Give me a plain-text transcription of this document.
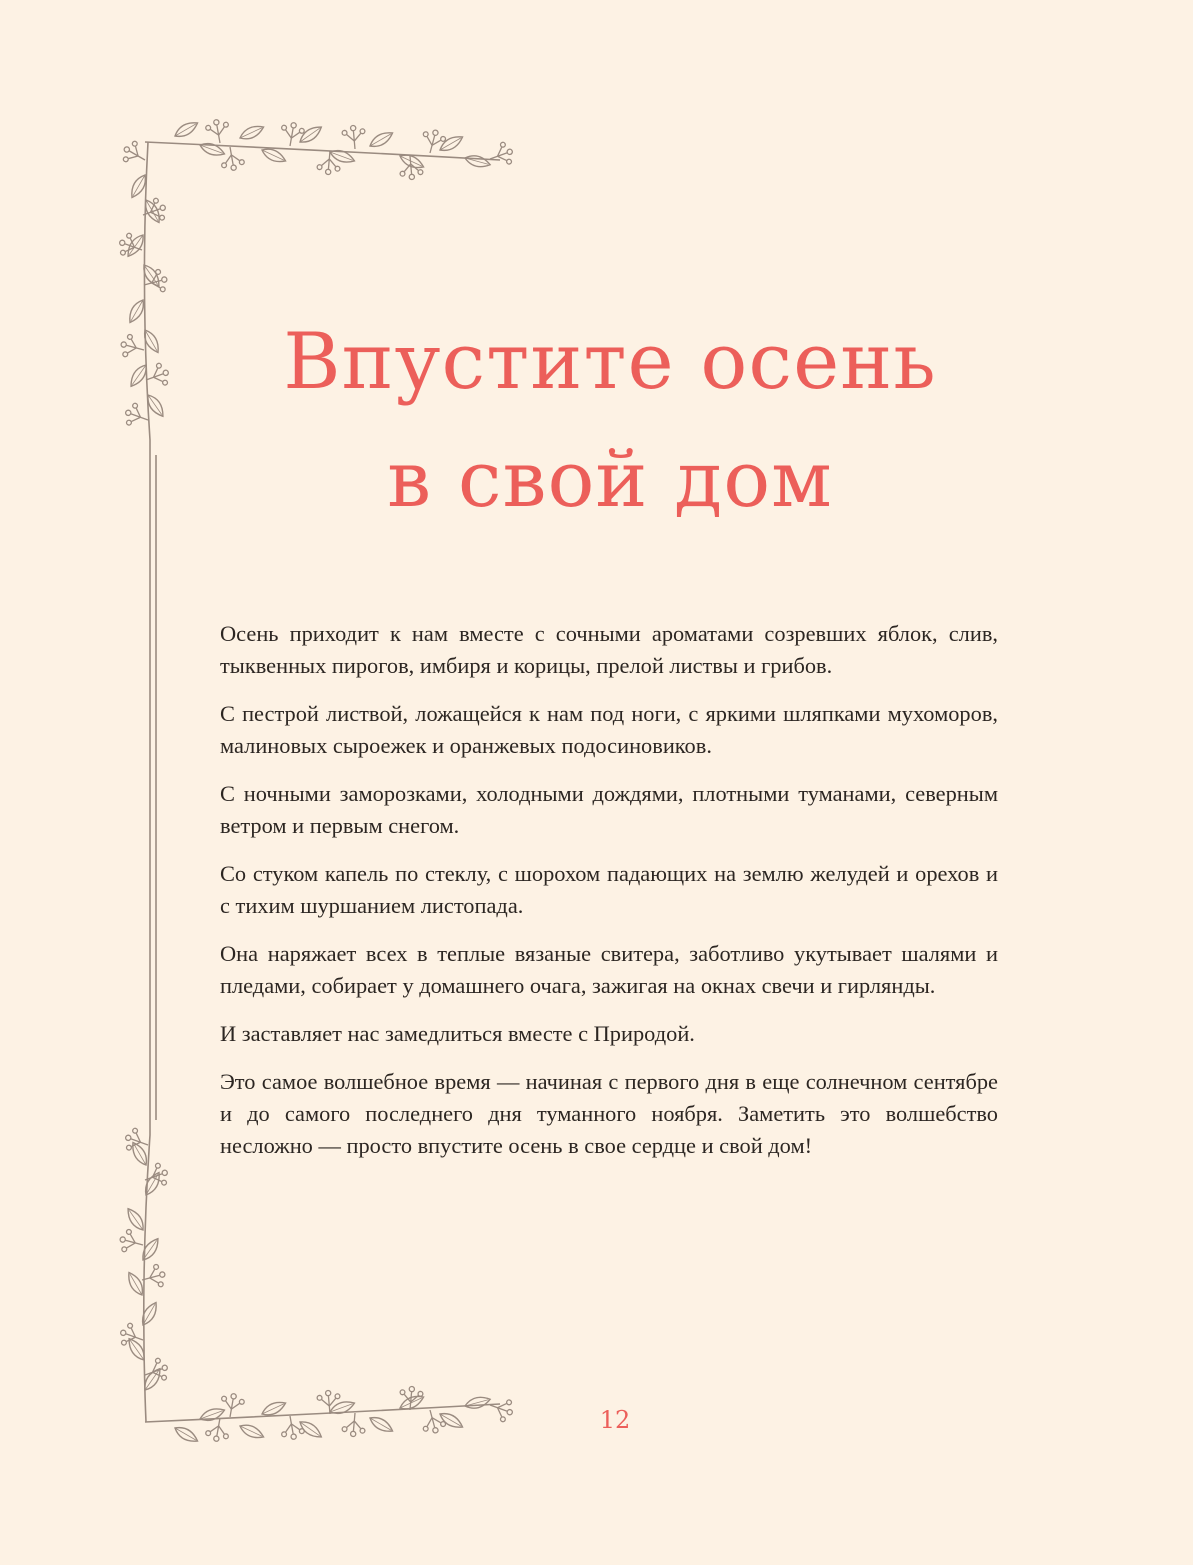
Впустите осень
в свой дом

Осень приходит к нам вместе с сочными ароматами созревших яблок, слив, тыквенных пирогов, имбиря и корицы, прелой листвы и грибов.

С пестрой листвой, ложащейся к нам под ноги, с яркими шляпками мухоморов, малиновых сыроежек и оранжевых подосиновиков.

С ночными заморозками, холодными дождями, плотными туманами, северным ветром и первым снегом.

Со стуком капель по стеклу, с шорохом падающих на землю желудей и орехов и с тихим шуршанием листопада.

Она наряжает всех в теплые вязаные свитера, заботливо укутывает шалями и пледами, собирает у домашнего очага, зажигая на окнах свечи и гирлянды.

И заставляет нас замедлиться вместе с Природой.

Это самое волшебное время — начиная с первого дня в еще солнечном сентябре и до самого последнего дня туманного ноября. Заметить это волшебство несложно — просто впустите осень в свое сердце и свой дом!

12
